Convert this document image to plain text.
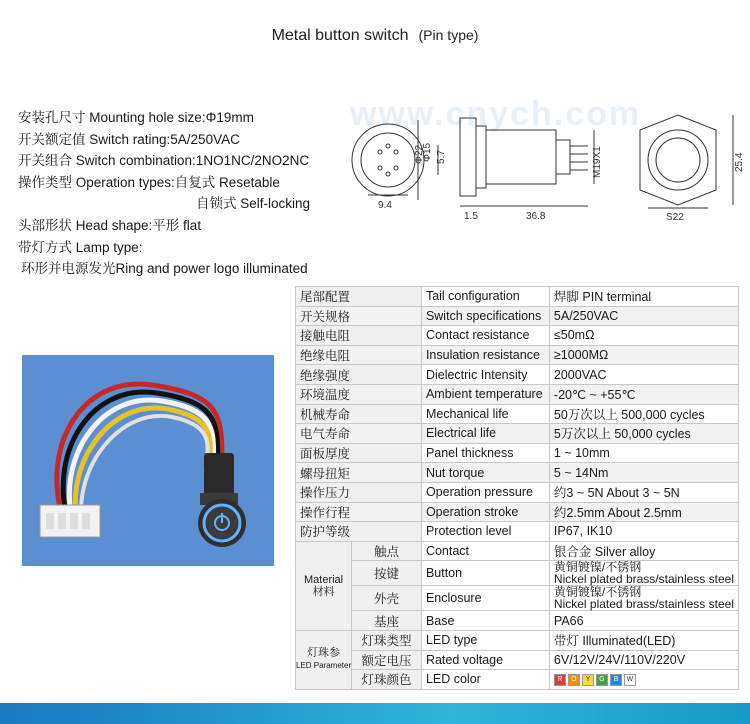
Metal button switch (Pin type)
www.cnych.com
安装孔尺寸 Mounting hole size:Φ19mm
开关额定值 Switch rating:5A/250VAC
开关组合 Switch combination:1NO1NC/2NO2NC
操作类型 Operation types:自复式 Resetable
自锁式 Self-locking
头部形状 Head shape:平形 flat
带灯方式 Lamp type:
环形并电源发光Ring and power logo illuminated
9.4
Φ22
Φ15 5.7
1.5	36.8
M19X1
S22
25.4
尾部配置		Tail configuration	焊脚 PIN terminal
开关规格		Switch specifications	5A/250VAC
接触电阻		Contact resistance	≤50mΩ
绝缘电阻		Insulation resistance	≥1000MΩ
绝缘强度		Dielectric Intensity	2000VAC
环境温度		Ambient temperature	-20℃ ~ +55℃
机械寿命		Mechanical life	50万次以上 500,000 cycles
电气寿命		Electrical life	5万次以上 50,000 cycles
面板厚度		Panel thickness	1 ~ 10mm
螺母扭矩		Nut torque	5 ~ 14Nm
操作压力		Operation pressure	约3 ~ 5N About 3 ~ 5N
操作行程		Operation stroke	约2.5mm About 2.5mm
防护等级		Protection level	IP67, IK10
Material
材料	触点	Contact	银合金 Silver alloy
	按键	Button	黄铜镀镍/不锈钢
Nickel plated brass/stainless steel

	外壳	Enclosure	黄铜镀镍/不锈钢
Nickel plated brass/stainless steel

	基座	Base	PA66
灯珠参
LED Parameter	灯珠类型	LED type	带灯 Illuminated(LED)
	额定电压	Rated voltage	6V/12V/24V/110V/220V
	灯珠颜色	LED color	R O Y G B W
